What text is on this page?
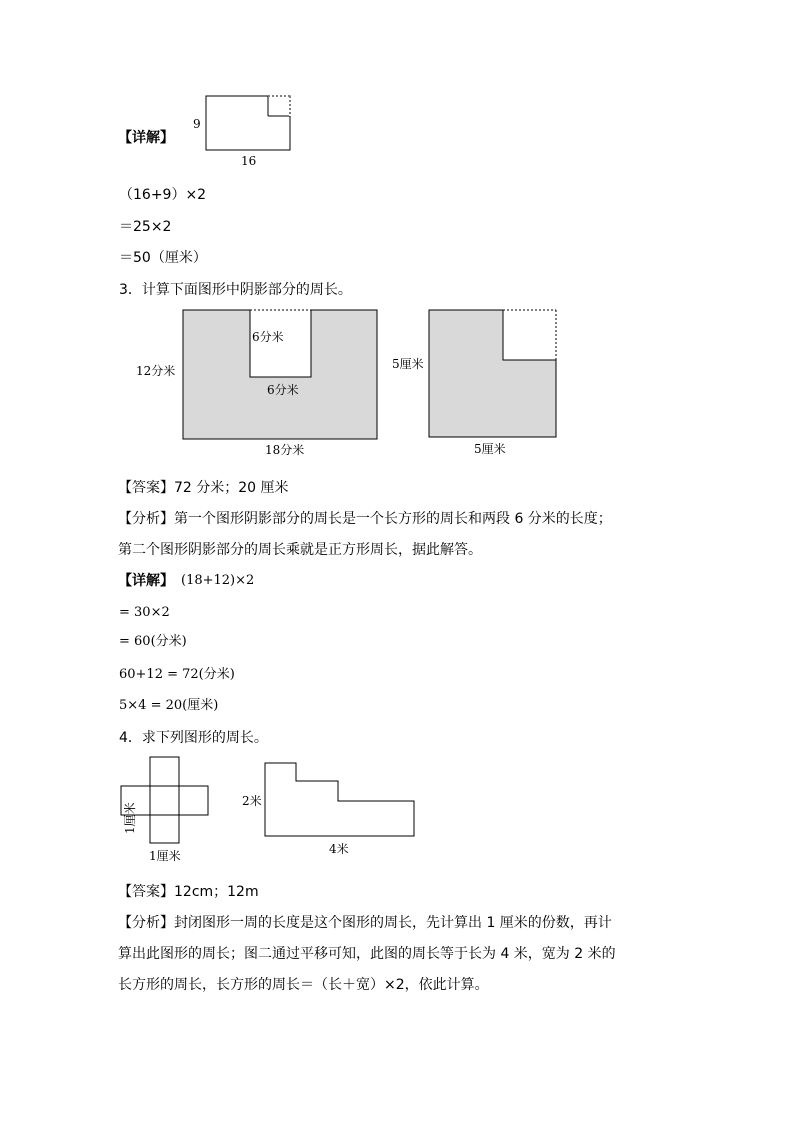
【详解】
9
16
（16+9）×2
＝25×2
＝50（厘米）
3．计算下面图形中阴影部分的周长。
12分米
6分米
6分米
18分米
5厘米
5厘米
【答案】72 分米；20 厘米
【分析】第一个图形阴影部分的周长是一个长方形的周长和两段 6 分米的长度；
第二个图形阴影部分的周长乘就是正方形周长，据此解答。
【详解】 (18+12)×2
= 30×2
= 60(分米)
60+12 = 72(分米)
5×4 = 20(厘米)
4．求下列图形的周长。
1厘米
1厘米
2米
4米
【答案】12cm；12m
【分析】封闭图形一周的长度是这个图形的周长，先计算出 1 厘米的份数，再计
算出此图形的周长；图二通过平移可知，此图的周长等于长为 4 米，宽为 2 米的
长方形的周长，长方形的周长＝（长＋宽）×2，依此计算。
